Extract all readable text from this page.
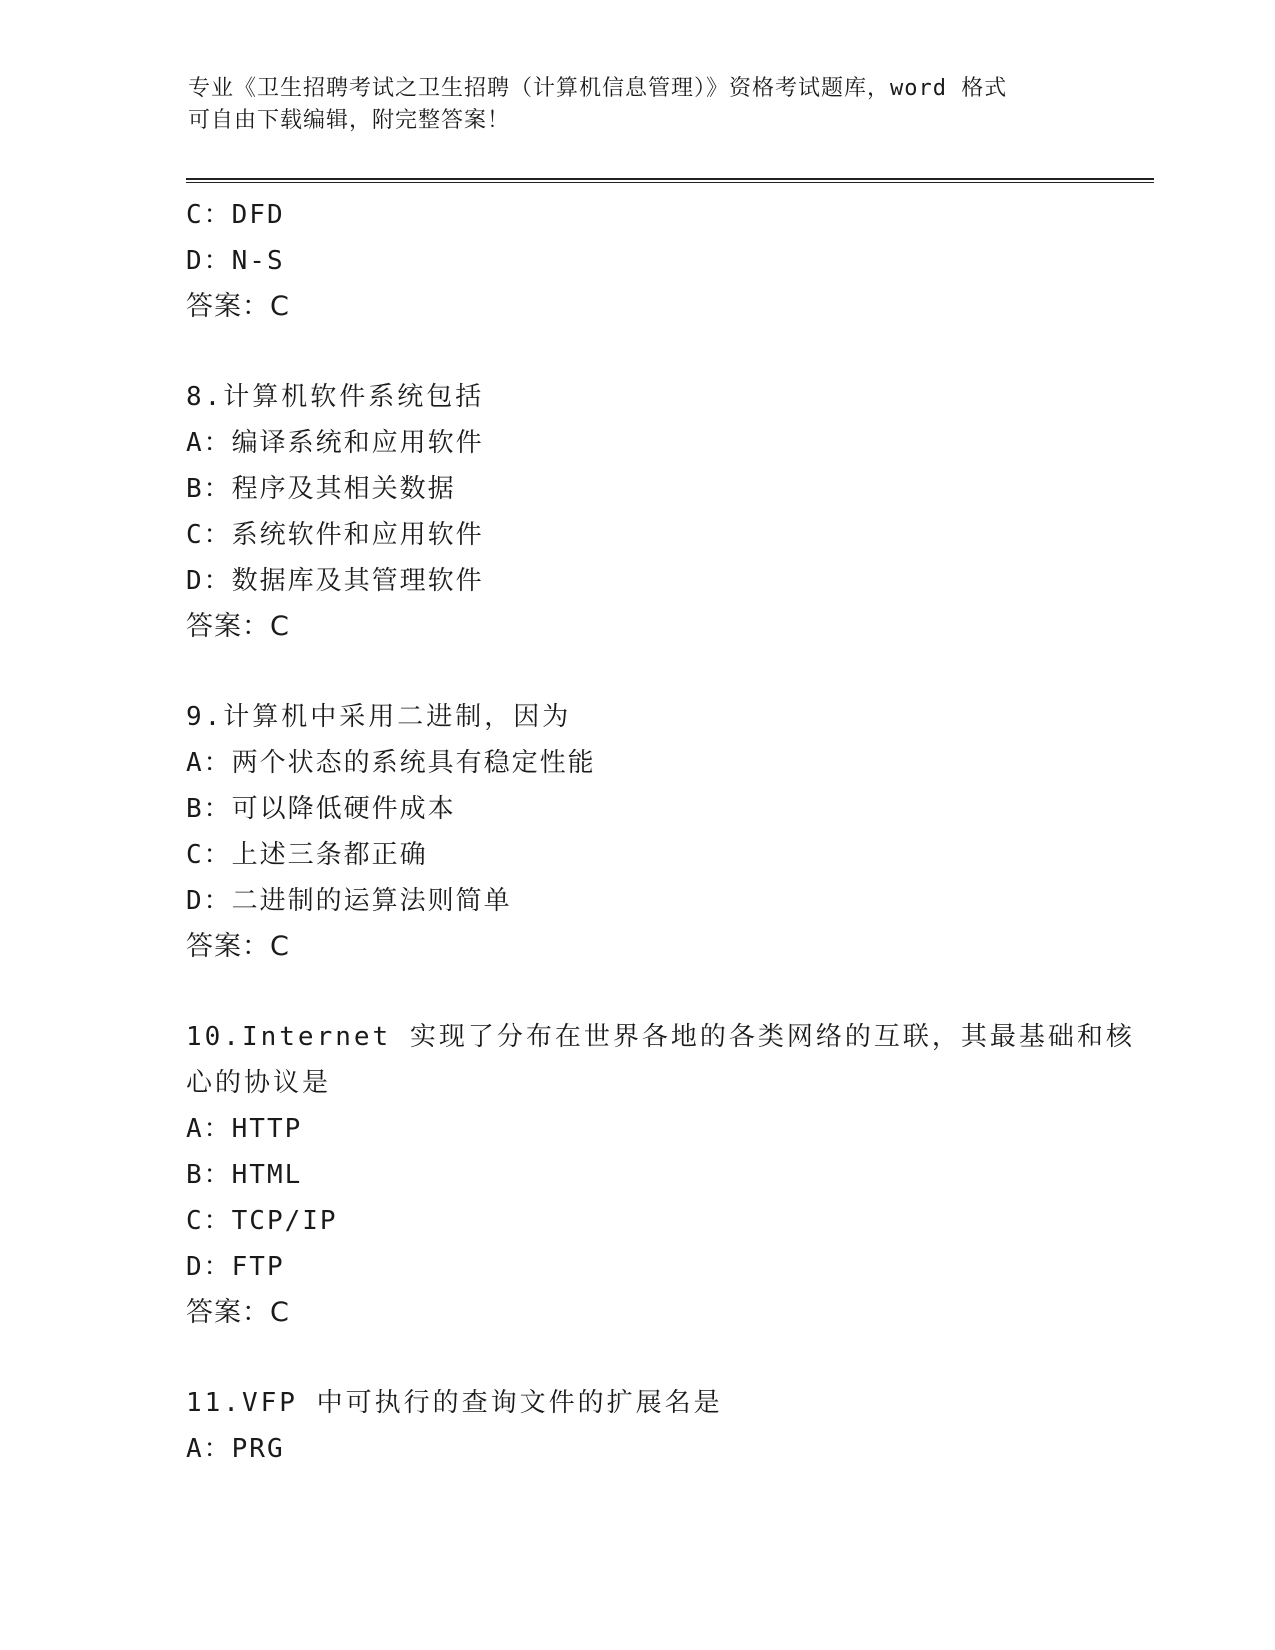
专业《卫生招聘考试之卫生招聘（计算机信息管理）》资格考试题库，word 格式
可自由下载编辑，附完整答案！
C：DFD
D：N-S
答案：C
8.计算机软件系统包括
A：编译系统和应用软件
B：程序及其相关数据
C：系统软件和应用软件
D：数据库及其管理软件
答案：C
9.计算机中采用二进制，因为
A：两个状态的系统具有稳定性能
B：可以降低硬件成本
C：上述三条都正确
D：二进制的运算法则简单
答案：C
10.Internet 实现了分布在世界各地的各类网络的互联，其最基础和核
心的协议是
A：HTTP
B：HTML
C：TCP/IP
D：FTP
答案：C
11.VFP 中可执行的查询文件的扩展名是
A：PRG
